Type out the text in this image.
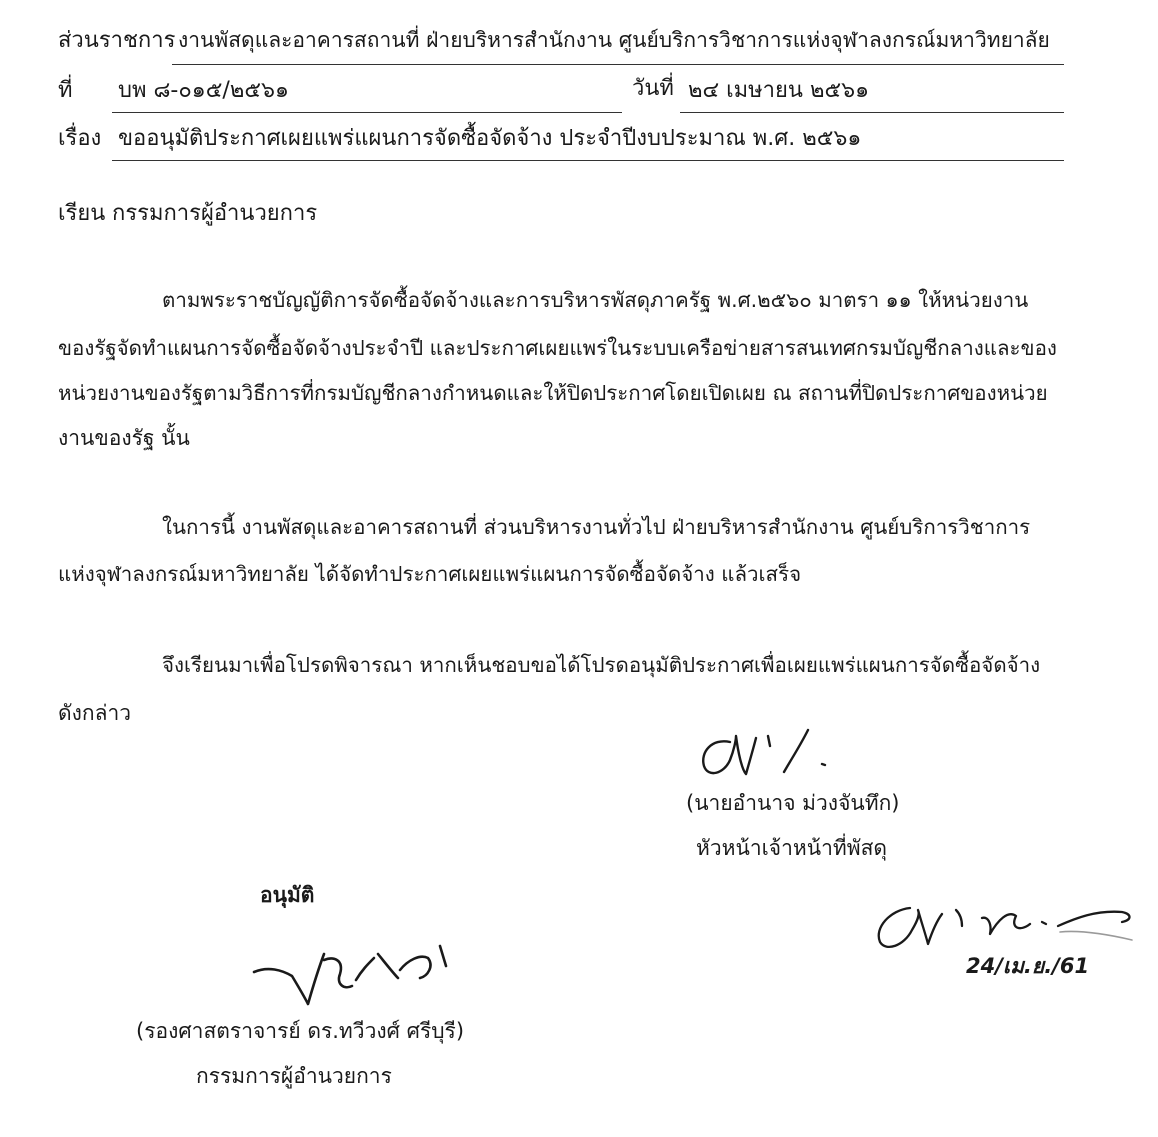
ส่วนราชการ งานพัสดุและอาคารสถานที่ ฝ่ายบริหารสำนักงาน ศูนย์บริการวิชาการแห่งจุฬาลงกรณ์มหาวิทยาลัย
ที่ บพ ๘-๐๑๕/๒๕๖๑	วันที่ ๒๔ เมษายน ๒๕๖๑
เรื่อง ขออนุมัติประกาศเผยแพร่แผนการจัดซื้อจัดจ้าง ประจำปีงบประมาณ พ.ศ. ๒๕๖๑
เรียน กรรมการผู้อำนวยการ
ตามพระราชบัญญัติการจัดซื้อจัดจ้างและการบริหารพัสดุภาครัฐ พ.ศ.๒๕๖๐ มาตรา ๑๑ ให้หน่วยงาน
ของรัฐจัดทำแผนการจัดซื้อจัดจ้างประจำปี และประกาศเผยแพร่ในระบบเครือข่ายสารสนเทศกรมบัญชีกลางและของ
หน่วยงานของรัฐตามวิธีการที่กรมบัญชีกลางกำหนดและให้ปิดประกาศโดยเปิดเผย ณ สถานที่ปิดประกาศของหน่วย
งานของรัฐ นั้น
ในการนี้ งานพัสดุและอาคารสถานที่ ส่วนบริหารงานทั่วไป ฝ่ายบริหารสำนักงาน ศูนย์บริการวิชาการ
แห่งจุฬาลงกรณ์มหาวิทยาลัย ได้จัดทำประกาศเผยแพร่แผนการจัดซื้อจัดจ้าง แล้วเสร็จ
จึงเรียนมาเพื่อโปรดพิจารณา หากเห็นชอบขอได้โปรดอนุมัติประกาศเพื่อเผยแพร่แผนการจัดซื้อจัดจ้าง
ดังกล่าว
(นายอำนาจ ม่วงจันทึก)
หัวหน้าเจ้าหน้าที่พัสดุ
อนุมัติ
(รองศาสตราจารย์ ดร.ทวีวงศ์ ศรีบุรี)
กรรมการผู้อำนวยการ
24/เม.ย./61
